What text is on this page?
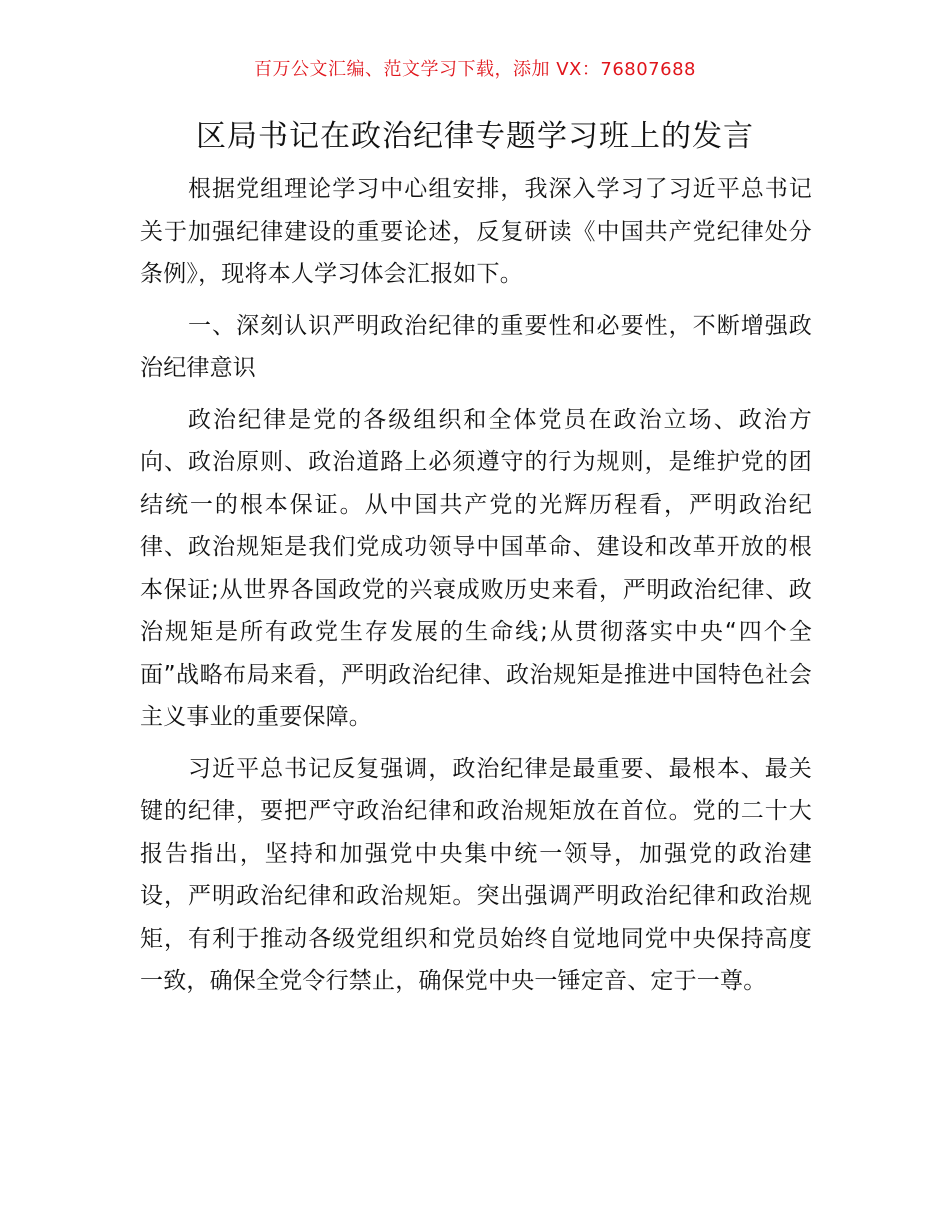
百万公文汇编、范文学习下载，添加 VX：76807688
区局书记在政治纪律专题学习班上的发言

根据党组理论学习中心组安排，我深入学习了习近平总书记关于加强纪律建设的重要论述，反复研读《中国共产党纪律处分条例》，现将本人学习体会汇报如下。

一、深刻认识严明政治纪律的重要性和必要性，不断增强政治纪律意识

政治纪律是党的各级组织和全体党员在政治立场、政治方向、政治原则、政治道路上必须遵守的行为规则，是维护党的团结统一的根本保证。从中国共产党的光辉历程看，严明政治纪律、政治规矩是我们党成功领导中国革命、建设和改革开放的根本保证;从世界各国政党的兴衰成败历史来看，严明政治纪律、政治规矩是所有政党生存发展的生命线;从贯彻落实中央“四个全面”战略布局来看，严明政治纪律、政治规矩是推进中国特色社会主义事业的重要保障。

习近平总书记反复强调，政治纪律是最重要、最根本、最关键的纪律，要把严守政治纪律和政治规矩放在首位。党的二十大报告指出，坚持和加强党中央集中统一领导，加强党的政治建设，严明政治纪律和政治规矩。突出强调严明政治纪律和政治规矩，有利于推动各级党组织和党员始终自觉地同党中央保持高度一致，确保全党令行禁止，确保党中央一锤定音、定于一尊。
